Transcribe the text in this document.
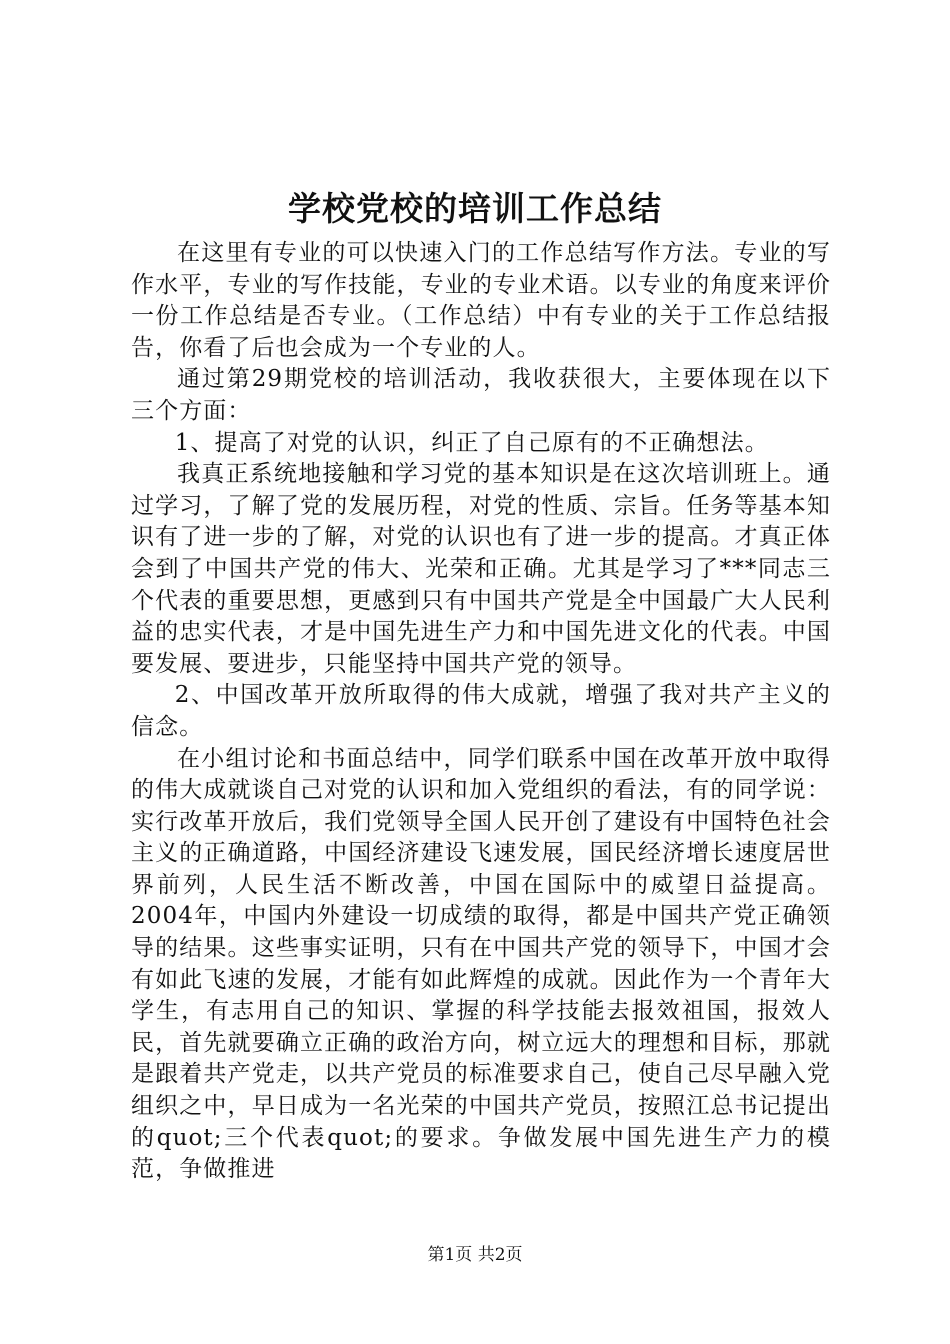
学校党校的培训工作总结

在这里有专业的可以快速入门的工作总结写作方法。专业的写作水平，专业的写作技能，专业的专业术语。以专业的角度来评价一份工作总结是否专业。（工作总结）中有专业的关于工作总结报告，你看了后也会成为一个专业的人。

通过第29期党校的培训活动，我收获很大，主要体现在以下三个方面：

1、提高了对党的认识，纠正了自己原有的不正确想法。

我真正系统地接触和学习党的基本知识是在这次培训班上。通过学习，了解了党的发展历程，对党的性质、宗旨。任务等基本知识有了进一步的了解，对党的认识也有了进一步的提高。才真正体会到了中国共产党的伟大、光荣和正确。尤其是学习了***同志三个代表的重要思想，更感到只有中国共产党是全中国最广大人民利益的忠实代表，才是中国先进生产力和中国先进文化的代表。中国要发展、要进步，只能坚持中国共产党的领导。

2、中国改革开放所取得的伟大成就，增强了我对共产主义的信念。

在小组讨论和书面总结中，同学们联系中国在改革开放中取得的伟大成就谈自己对党的认识和加入党组织的看法，有的同学说：实行改革开放后，我们党领导全国人民开创了建设有中国特色社会主义的正确道路，中国经济建设飞速发展，国民经济增长速度居世界前列，人民生活不断改善，中国在国际中的威望日益提高。2004年，中国内外建设一切成绩的取得，都是中国共产党正确领导的结果。这些事实证明，只有在中国共产党的领导下，中国才会有如此飞速的发展，才能有如此辉煌的成就。因此作为一个青年大学生，有志用自己的知识、掌握的科学技能去报效祖国，报效人民，首先就要确立正确的政治方向，树立远大的理想和目标，那就是跟着共产党走，以共产党员的标准要求自己，使自己尽早融入党组织之中，早日成为一名光荣的中国共产党员，按照江总书记提出的quot;三个代表quot;的要求。争做发展中国先进生产力的模范，争做推进

第1页 共2页
